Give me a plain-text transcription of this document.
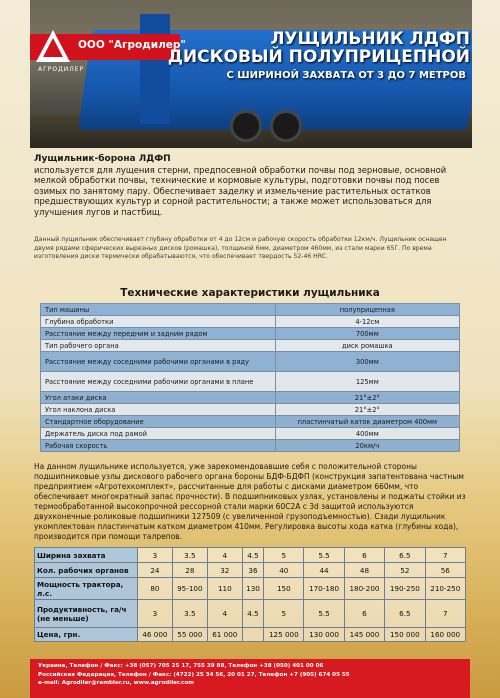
ООО "Агродилер"
АГРОДИЛЕР
ЛУЩИЛЬНИК ЛДФП
ДИСКОВЫЙ ПОЛУПРИЦЕПНОЙ
С ШИРИНОЙ ЗАХВАТА ОТ 3 ДО 7 МЕТРОВ
Лущильник-борона ЛДФП
используется для лущения стерни, предпосевной обработки почвы под зерновые, основной мелкой обработки почвы, технические и кормовые культуры, подготовки почвы под посев озимых по занятому пару. Обеспечивает заделку и измельчение растительных остатков предшествующих культур и сорной растительности; а также может использоваться для улучшения лугов и пастбищ.
Данный лущильник обеспечивает глубину обработки от 4 до 12см и рабочую скорость обработки 12км/ч. Лущильник оснащен двумя рядами сферических вырезных дисков (ромашка), толщиной 6мм, диаметром 460мм, из стали марки 65Г. По врема изготовления диски термически обрабатываются, что обеспечивает твердость 52-46 HRC.
Технические характеристики лущильника
Тип машины	полуприцепная
Глубина обработки	4-12см
Расстояние между передним и задним рядом	700мм
Тип рабочего органа	диск ромашка
Расстояние между соседними рабочими органами в ряду	300мм
Расстояние между соседними рабочими органами в плане	125мм
Угол атаки диска	21°±2°
Угол наклона диска	21°±2°
Стандартное оборудование	пластинчатый каток диаметром 400мм
Держатель диска под рамой	400мм
Рабочая скорость	20км/ч
На данном лущильнике используется, уже зарекомендовавшие себя с положительной стороны подшипниковые узлы дискового рабочего органа бороны БДФ-БДФП (конструкция запатентована частным предприятием «Агротехкомплект», рассчитанные для работы с дисками диаметром 660мм, что обеспечивает многократный запас прочности). В подшипниковых узлах, установлены и поджаты стойки из термообработанной высокопрочной рессорной стали марки 60С2А с 3d защитой используются двухконечные роликовые подшипники 127509 (с увеличенной грузоподъемностью). Сзади лущильник укомплектован пластинчатым катком диаметром 410мм. Регулировка высоты хода катка (глубины хода), производится при помощи талрепов.
Ширина захвата	3	3.5	4	4.5	5	5.5	6	6.5	7
Кол. рабочих органов	24	28	32	36	40	44	48	52	56
Мощность трактора, л.с.	80	95-100	110	130	150	170-180	180-200	190-250	210-250
Продуктивность, га/ч (не меньше)	3	3.5	4	4.5	5	5.5	6	6.5	7
Цена, грн.	46 000	55 000	61 000		125 000	130 000	145 000	150 000	160 000
Украина, Телефон / Факс: +38 (057) 705 25 17, 755 39 88, Телефон +38 (050) 401 00 06
Российская Федерация, Телефон / Факс: (4722) 25 34 56, 20 01 27, Телефон +7 (905) 674 05 55
e-mail: Agrodiler@rambler.ru, www.agrodiler.com
